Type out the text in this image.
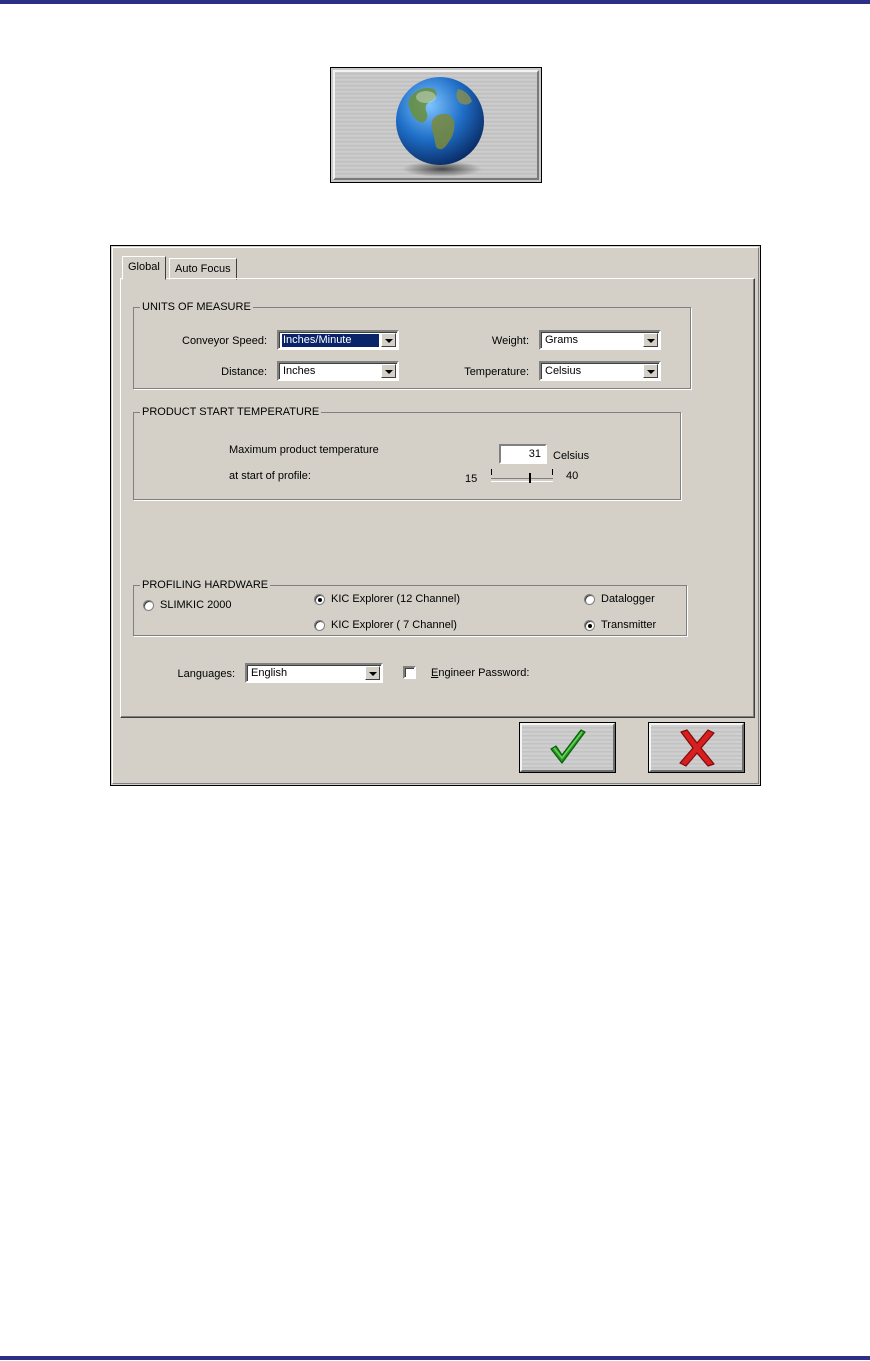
Global	Auto Focus
UNITS OF MEASURE
Conveyor Speed: Inches/Minute
Distance: Inches
Weight: Grams
Temperature: Celsius
PRODUCT START TEMPERATURE
Maximum product temperature
at start of profile:
31	Celsius
15	40
PROFILING HARDWARE
SLIMKIC 2000	KIC Explorer (12 Channel)
KIC Explorer ( 7 Channel)
Datalogger
Transmitter
Languages: English	Engineer Password:
